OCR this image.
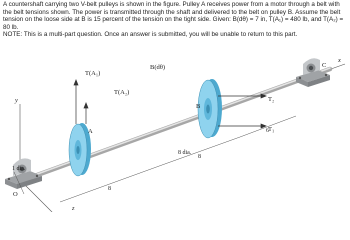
A countershaft carrying two V-belt pulleys is shown in the figure. Pulley A receives power from a motor through a belt with the belt tensions shown. The power is transmitted through the shaft and delivered to the belt on pulley B. Assume the belt tension on the loose side at B is 15 percent of the tension on the tight side. Given: B(dθ) = 7 in, T(A₁) = 480 lb, and T(A₂) = 80 lb.

NOTE: This is a multi-part question. Once an answer is submitted, you will be unable to return to this part.

T(A₁)
T(A₂)
B(dθ)
A
B
O
C
T₂
T₁
x
y
z
1 dia.
8 dia.
8
8
6
